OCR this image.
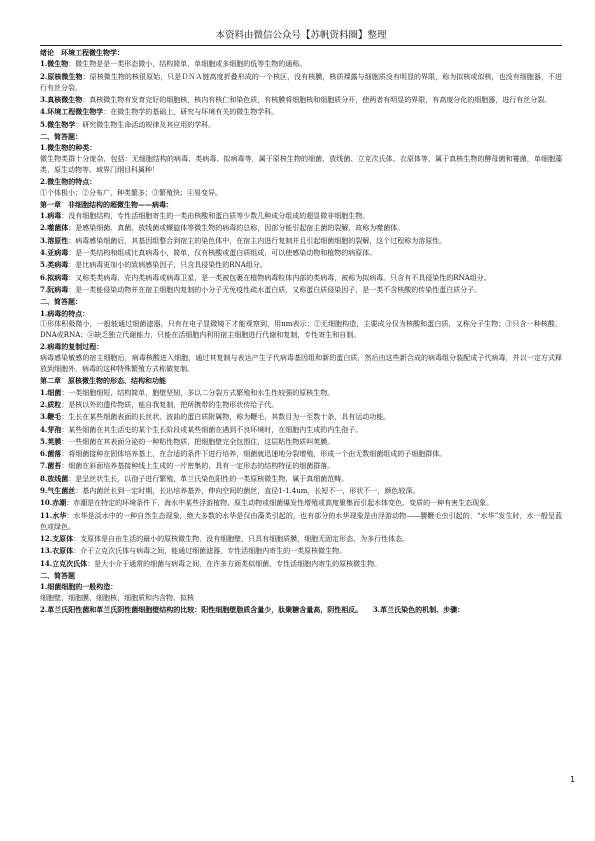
本资料由微信公众号【苏帆资料圈】整理

绪论　环境工程微生物学：

1.微生物：微生物是是一类形态微小，结构简单，单细胞或多细胞的低等生物的通称。

2.原核微生物：原核微生物的核很原始，只是ＤＮＡ链高度折叠形成的一个核区，没有核膜，核质裸露与细胞质没有明显的界限，称为拟核或似核，也没有细胞器，不进行有丝分裂。

3.真核微生物：真核微生物有发育完好的细胞核，核内有核仁和染色质，有核膜将细胞核和细胞质分开，使两者有明显的界限，有高度分化的细胞器，进行有丝分裂。

4.环境工程微生物学：在微生物学的基础上，研究与环境有关的微生物学科。

5.微生物学：研究微生物生命活动规律及其应用的学科。

二、简答题：

1.微生物的种类：

微生物类群十分庞杂，包括：无细胞结构的病毒、类病毒、拟病毒等，属于原核生物的细菌、放线菌、立克次氏体、衣原体等，属于真核生物的酵母菌和霉菌，单细胞藻类、原生动物等。域界门纲目科属种！

2.微生物的特点：

①个体极小；②分布广，种类繁多；③繁殖快；④易变异。

第一章　非细胞结构的超微生物——病毒：

1.病毒：没有细胞结构，专性活细胞寄生的一类由核酸和蛋白质等少数几种成分组成的超显微非细胞生物。

2.噬菌体：是感染细菌、真菌、放线菌或螺旋体等微生物的病毒的总称，因部分能引起宿主菌的裂解，故称为噬菌体。

3.溶原性：病毒感染细菌后，其基因组整合到宿主的染色体中，在宿主内进行复制并且引起细菌细胞的裂解，这个过程称为溶原性。

4.亚病毒：是一类结构和组成比真病毒小，简单，仅有核酸或蛋白质组成，可以使感染动物和植物的病原体。

5.类病毒：是比病毒更加小的致病感染因子，只含具侵染性的RNA组分。

6.拟病毒：又称类类病毒、壳内类病毒或病毒卫星，是一类被包裹在植物病毒粒体内部的类病毒，被称为拟病毒。只含有不具侵染性的RNA组分。

7.阮病毒：是一类能侵染动物并在宿主细胞内复制的小分子无免疫性疏水蛋白质，又称蛋白质侵染因子，是一类不含核酸的传染性蛋白质分子。

二、简答题：

1.病毒的特点：

①形体积极微小，一般能通过细菌滤器，只有在电子显微镜下才能观察到，用nm表示；②无细胞构造，主要成分仅为核酸和蛋白质，又称分子生物；③只含一种核酸，DNA或RNA；④缺乏独立代谢能力，只能在活细胞内利用宿主细胞进行代谢和复制，专性寄生和自制。

2.病毒的复制过程：

病毒感染敏感的宿主细胞后，病毒核酸进入细胞，通过其复制与表达产生子代病毒基因组和新的蛋白质，然后由这些新合成的病毒组分装配成子代病毒，并以一定方式释放到细胞外，病毒的这种特殊繁殖方式称做复制。

第二章　原核微生物的形态、结构和功能

1.细菌：一类细胞细短，结构简单，胞壁坚韧，多以二分裂方式繁殖和水生性较强的原核生物。

2.质粒：是核以外的遗传物质，能自我复制，把所携带的生物形状传给子代。

3.鞭毛：生长在某些细菌表面的长丝状、波曲的蛋白质附属物，称为鞭毛，其数目为一至数十条，具有运动功能。

4.芽孢：某些细菌在其生活史的某个生长阶段或某些细菌在遇到不良环境时，在细胞内生成的内生孢子。

5.荚膜：一些细菌在其表面分泌的一种粘性物质，把细胞壁完全包围住，这层粘性物质叫荚膜。

6.菌落：将细菌接种在固体培养基上，在合适的条件下进行培养，细菌就迅速地分裂增殖，形成一个由无数细菌组成的子细胞群体。

7.菌苔：细菌在斜面培养基接种线上生成的一片密集的，具有一定形态的结构特征的细菌群落。

8.放线菌：是呈丝状生长，以孢子进行繁殖，革兰氏染色阳性的一类原核微生物，属于真细菌范畴。

9.气生菌丝：基内菌丝长到一定时期，长出培养基外，伸向空间的菌丝，直径1-1.4um，长短不一，形状不一，颜色较深。

10.赤潮：赤潮是在特定的环境条件下，海水中某些浮游植物、原生动物或细菌爆发性增殖或高度聚集而引起水体变色、变质的一种有害生态现象。

11.水华：水华是淡水中的一种自然生态现象，绝大多数的水华是仅由藻类引起的，也有部分的水华现象是由浮游动物——腰鞭毛虫引起的，“水华”发生时，水一般呈蓝色或绿色。

12.支原体：支原体是自由生活的最小的原核微生物，没有细胞壁，只具有细胞质膜，细胞无固定形态，为多行性体态。

13.衣原体：介于立克次氏体与病毒之间，能通过细菌滤器，专性活细胞内寄生的一类原核微生物。

14.立克次氏体：是大小介于通常的细菌与病毒之间，在许多方面类似细菌，专性活细胞内寄生的原核微生物。

二、简答题

1.细菌细胞的一般构造：

细胞壁、细胞膜、细胞核、细胞质和内含物、拟核

2.革兰氏阳性菌和革兰氏阴性菌细胞壁结构的比较：阳性细胞壁脂质含量少，肽聚糖含量高，阴性相反。　　 3.革兰氏染色的机制、步骤：

1
